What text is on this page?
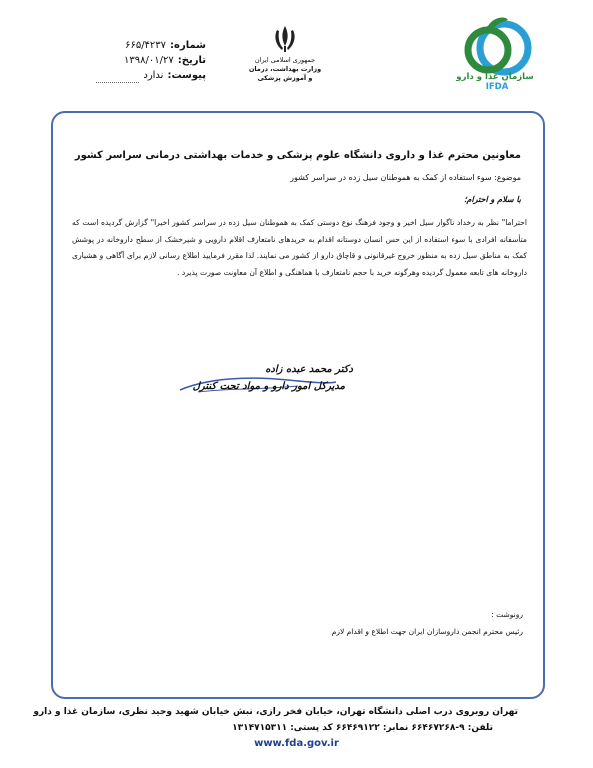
شماره:
۶۶۵/۴۲۳۷
تاریخ:
۱۳۹۸/۰۱/۲۷
پیوست:
ندارد
جمهوری اسلامی ایران
وزارت بهداشت، درمان
و آموزش پزشکی	سازمان غذا و دارو IFDA
معاونین محترم غذا و داروی دانشگاه علوم پزشکی و خدمات بهداشتی درمانی سراسر کشور
موضوع: سوء استفاده از کمک به هموطنان سیل زده در سراسر کشور
با سلام و احترام؛
احتراما" نظر به رخداد ناگوار سیل اخیر و وجود فرهنگ نوع دوستی کمک به هموطنان سیل زده در سراسر کشور اخیرا" گزارش گردیده است که متأسفانه افرادی با سوء استفاده از این حس انسان دوستانه اقدام به خریدهای نامتعارف اقلام دارویی و شیرخشک از سطح داروخانه در پوشش کمک به مناطق سیل زده به منظور خروج غیرقانونی و قاچاق دارو از کشور می نمایند. لذا مقرر فرمایید اطلاع رسانی لازم برای آگاهی و هشیاری داروخانه های تابعه معمول گردیده وهرگونه خرید با حجم نامتعارف با هماهنگی و اطلاع آن معاونت صورت پذیرد .
دکتر محمد عبده زاده
مدیرکل امور دارو و مواد تحت کنترل
رونوشت :
رئیس محترم انجمن داروسازان ایران جهت اطلاع و اقدام لازم
تهران روبروی درب اصلی دانشگاه تهران، خیابان فخر رازی، نبش خیابان شهید وحید نظری، سازمان غذا و دارو
تلفن: ۹-۶۶۴۶۷۲۶۸ نمابر: ۶۶۴۶۹۱۲۲ کد پستی: ۱۳۱۴۷۱۵۳۱۱
www.fda.gov.ir
